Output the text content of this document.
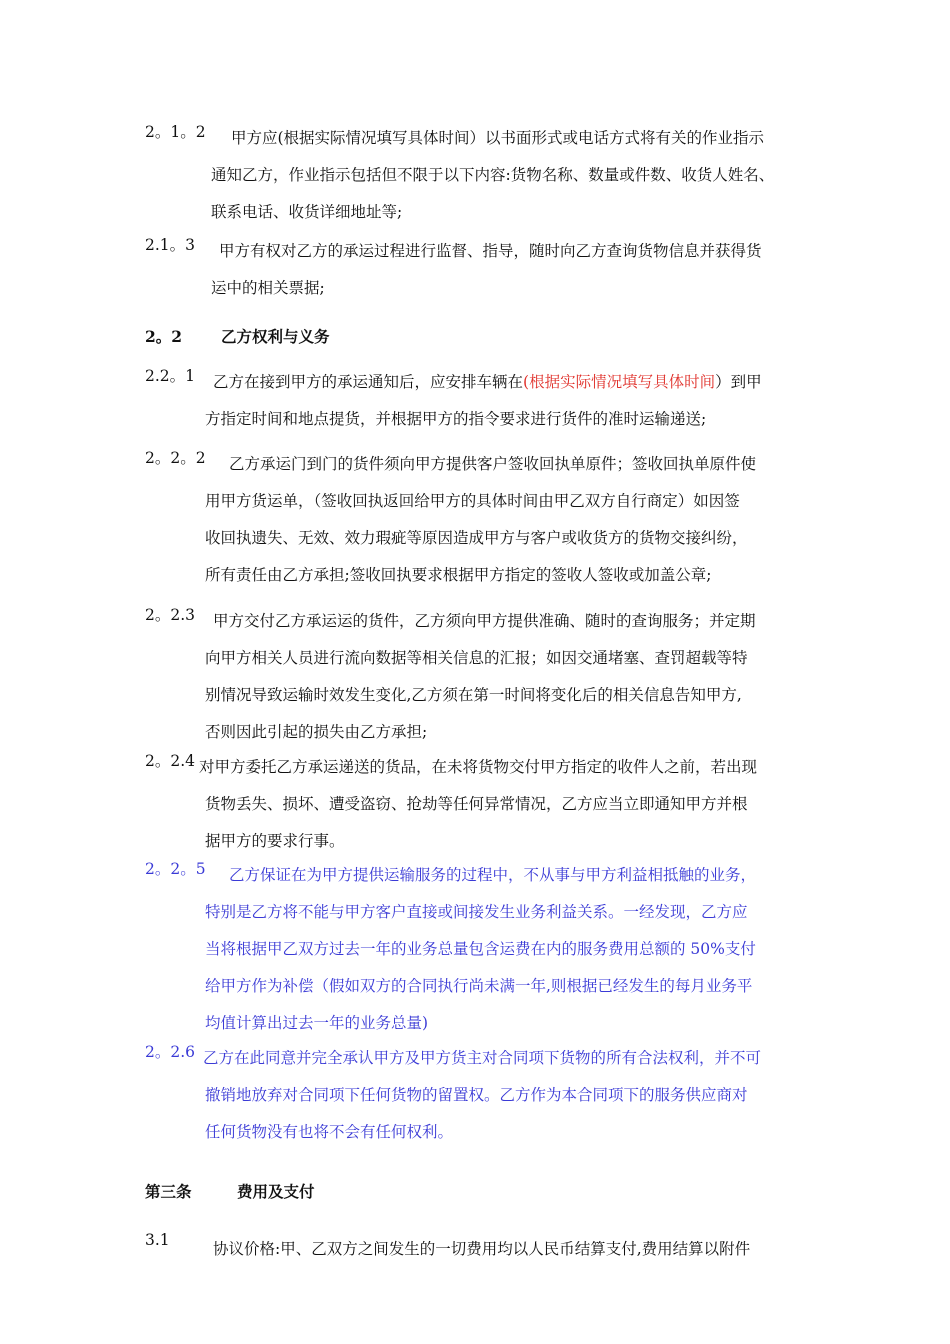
2。1。2	甲方应(根据实际情况填写具体时间）以书面形式或电话方式将有关的作业指示
通知乙方，作业指示包括但不限于以下内容:货物名称、数量或件数、收货人姓名、
联系电话、收货详细地址等;
2.1。3	甲方有权对乙方的承运过程进行监督、指导，随时向乙方查询货物信息并获得货
运中的相关票据;
2。2	乙方权利与义务
2.2。1	乙方在接到甲方的承运通知后，应安排车辆在(根据实际情况填写具体时间）到甲
方指定时间和地点提货，并根据甲方的指令要求进行货件的准时运输递送;
2。2。2	乙方承运门到门的货件须向甲方提供客户签收回执单原件；签收回执单原件使
用甲方货运单，（签收回执返回给甲方的具体时间由甲乙双方自行商定）如因签
收回执遗失、无效、效力瑕疵等原因造成甲方与客户或收货方的货物交接纠纷，
所有责任由乙方承担;签收回执要求根据甲方指定的签收人签收或加盖公章;
2。2.3	甲方交付乙方承运运的货件，乙方须向甲方提供准确、随时的查询服务；并定期
向甲方相关人员进行流向数据等相关信息的汇报；如因交通堵塞、查罚超载等特
别情况导致运输时效发生变化,乙方须在第一时间将变化后的相关信息告知甲方,
否则因此引起的损失由乙方承担;
2。2.4 对甲方委托乙方承运递送的货品，在未将货物交付甲方指定的收件人之前，若出现
货物丢失、损坏、遭受盗窃、抢劫等任何异常情况，乙方应当立即通知甲方并根
据甲方的要求行事。
2。2。5	乙方保证在为甲方提供运输服务的过程中，不从事与甲方利益相抵触的业务，
特别是乙方将不能与甲方客户直接或间接发生业务利益关系。一经发现，乙方应
当将根据甲乙双方过去一年的业务总量包含运费在内的服务费用总额的 50%支付
给甲方作为补偿（假如双方的合同执行尚未满一年,则根据已经发生的每月业务平
均值计算出过去一年的业务总量)
2。2.6 乙方在此同意并完全承认甲方及甲方货主对合同项下货物的所有合法权利，并不可
撤销地放弃对合同项下任何货物的留置权。乙方作为本合同项下的服务供应商对
任何货物没有也将不会有任何权利。
第三条	费用及支付
3.1	协议价格:甲、乙双方之间发生的一切费用均以人民币结算支付,费用结算以附件
